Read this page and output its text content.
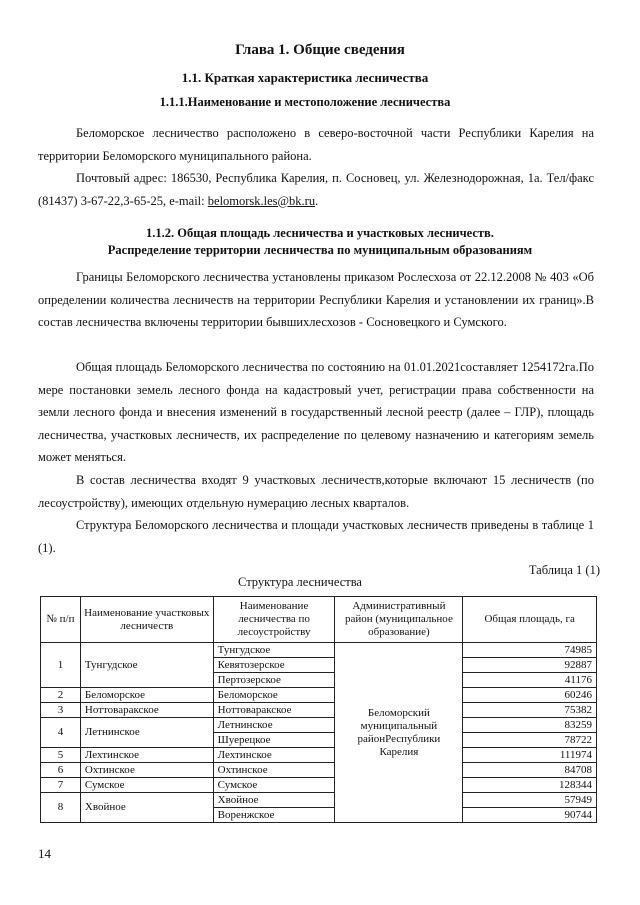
Глава 1. Общие сведения
1.1. Краткая характеристика лесничества
1.1.1.Наименование и местоположение лесничества
Беломорское лесничество расположено в северо-восточной части Республики Карелия на территории Беломорского муниципального района.
Почтовый адрес: 186530, Республика Карелия, п. Сосновец, ул. Железнодорожная, 1а. Тел/факс (81437) 3-67-22,3-65-25, e-mail: belomorsk.les@bk.ru.
1.1.2. Общая площадь лесничества и участковых лесничеств.
Распределение территории лесничества по муниципальным образованиям
Границы Беломорского лесничества установлены приказом Рослесхоза от 22.12.2008 № 403 «Об определении количества лесничеств на территории Республики Карелия и установлении их границ».В состав лесничества включены территории бывшихлесхозов - Сосновецкого и Сумского.
Общая площадь Беломорского лесничества по состоянию на 01.01.2021составляет 1254172га.По мере постановки земель лесного фонда на кадастровый учет, регистрации права собственности на земли лесного фонда и внесения изменений в государственный лесной реестр (далее – ГЛР), площадь лесничества, участковых лесничеств, их распределение по целевому назначению и категориям земель может меняться.
В состав лесничества входят 9 участковых лесничеств,которые включают 15 лесничеств (по лесоустройству), имеющих отдельную нумерацию лесных кварталов.
Структура Беломорского лесничества и площади участковых лесничеств приведены в таблице 1 (1).
Таблица 1 (1)
Структура лесничества
№ п/п	Наименование участковых лесничеств	Наименование лесничества по лесоустройству	Административный район (муниципальное образование)	Общая площадь, га
1	Тунгудское	Тунгудское	Беломорский муниципальный районРеспублики Карелия	74985
		Кевятозерское		92887
		Пертозерское		41176
2	Беломорское	Беломорское		60246
3	Ноттоваракское	Ноттоваракское		75382
4	Летнинское	Летнинское		83259
		Шуерецкое		78722
5	Лехтинское	Лехтинское		111974
6	Охтинское	Охтинское		84708
7	Сумское	Сумское		128344
8	Хвойное	Хвойное		57949
		Воренжское		90744
14
